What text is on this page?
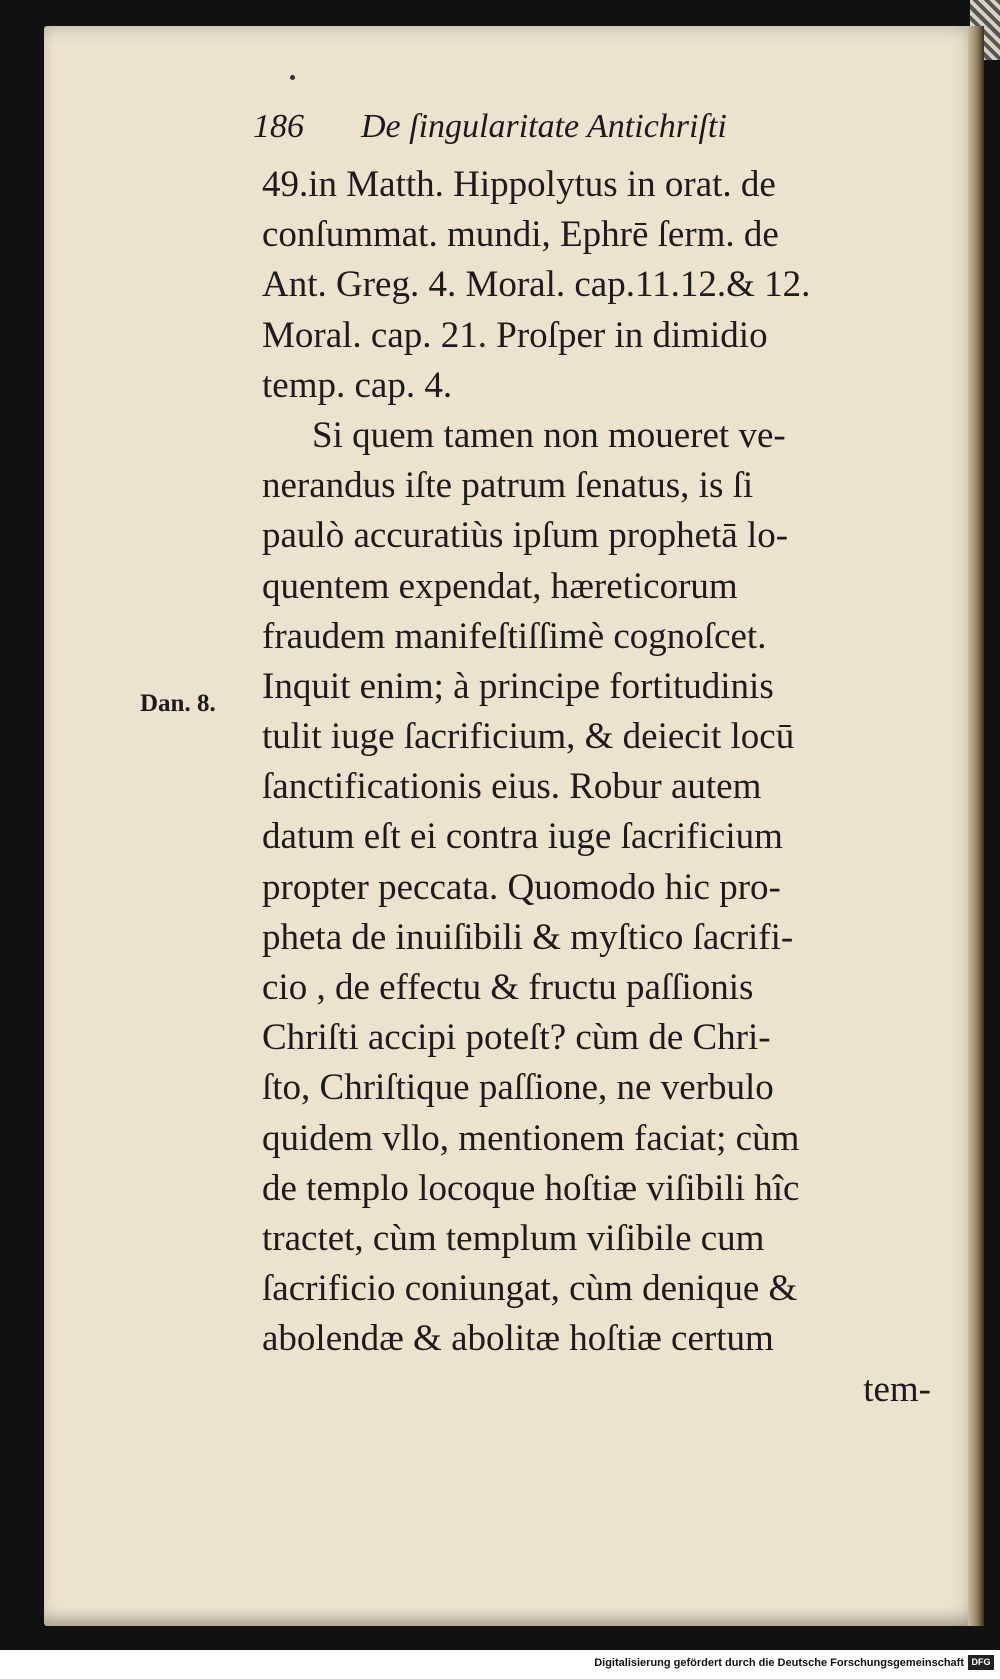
186 De ſingularitate Antichriſti
Dan. 8.
49.in Matth. Hippolytus in orat. de
conſummat. mundi, Ephrē ſerm. de
Ant. Greg. 4. Moral. cap.11.12.& 12.
Moral. cap. 21. Proſper in dimidio
temp. cap. 4.
Si quem tamen non moueret ve-
nerandus iſte patrum ſenatus, is ſi
paulò accuratiùs ipſum prophetā lo-
quentem expendat, hæreticorum
fraudem manifeſtiſſimè cognoſcet.
Inquit enim; à principe fortitudinis
tulit iuge ſacrificium, & deiecit locū
ſanctificationis eius. Robur autem
datum eſt ei contra iuge ſacrificium
propter peccata. Quomodo hic pro-
pheta de inuiſibili & myſtico ſacrifi-
cio , de effectu & fructu paſſionis
Chriſti accipi poteſt? cùm de Chri-
ſto, Chriſtique paſſione, ne verbulo
quidem vllo, mentionem faciat; cùm
de templo locoque hoſtiæ viſibili hîc
tractet, cùm templum viſibile cum
ſacrificio coniungat, cùm denique &
abolendæ & abolitæ hoſtiæ certum
tem-
Digitalisierung gefördert durch die Deutsche Forschungsgemeinschaft DFG
